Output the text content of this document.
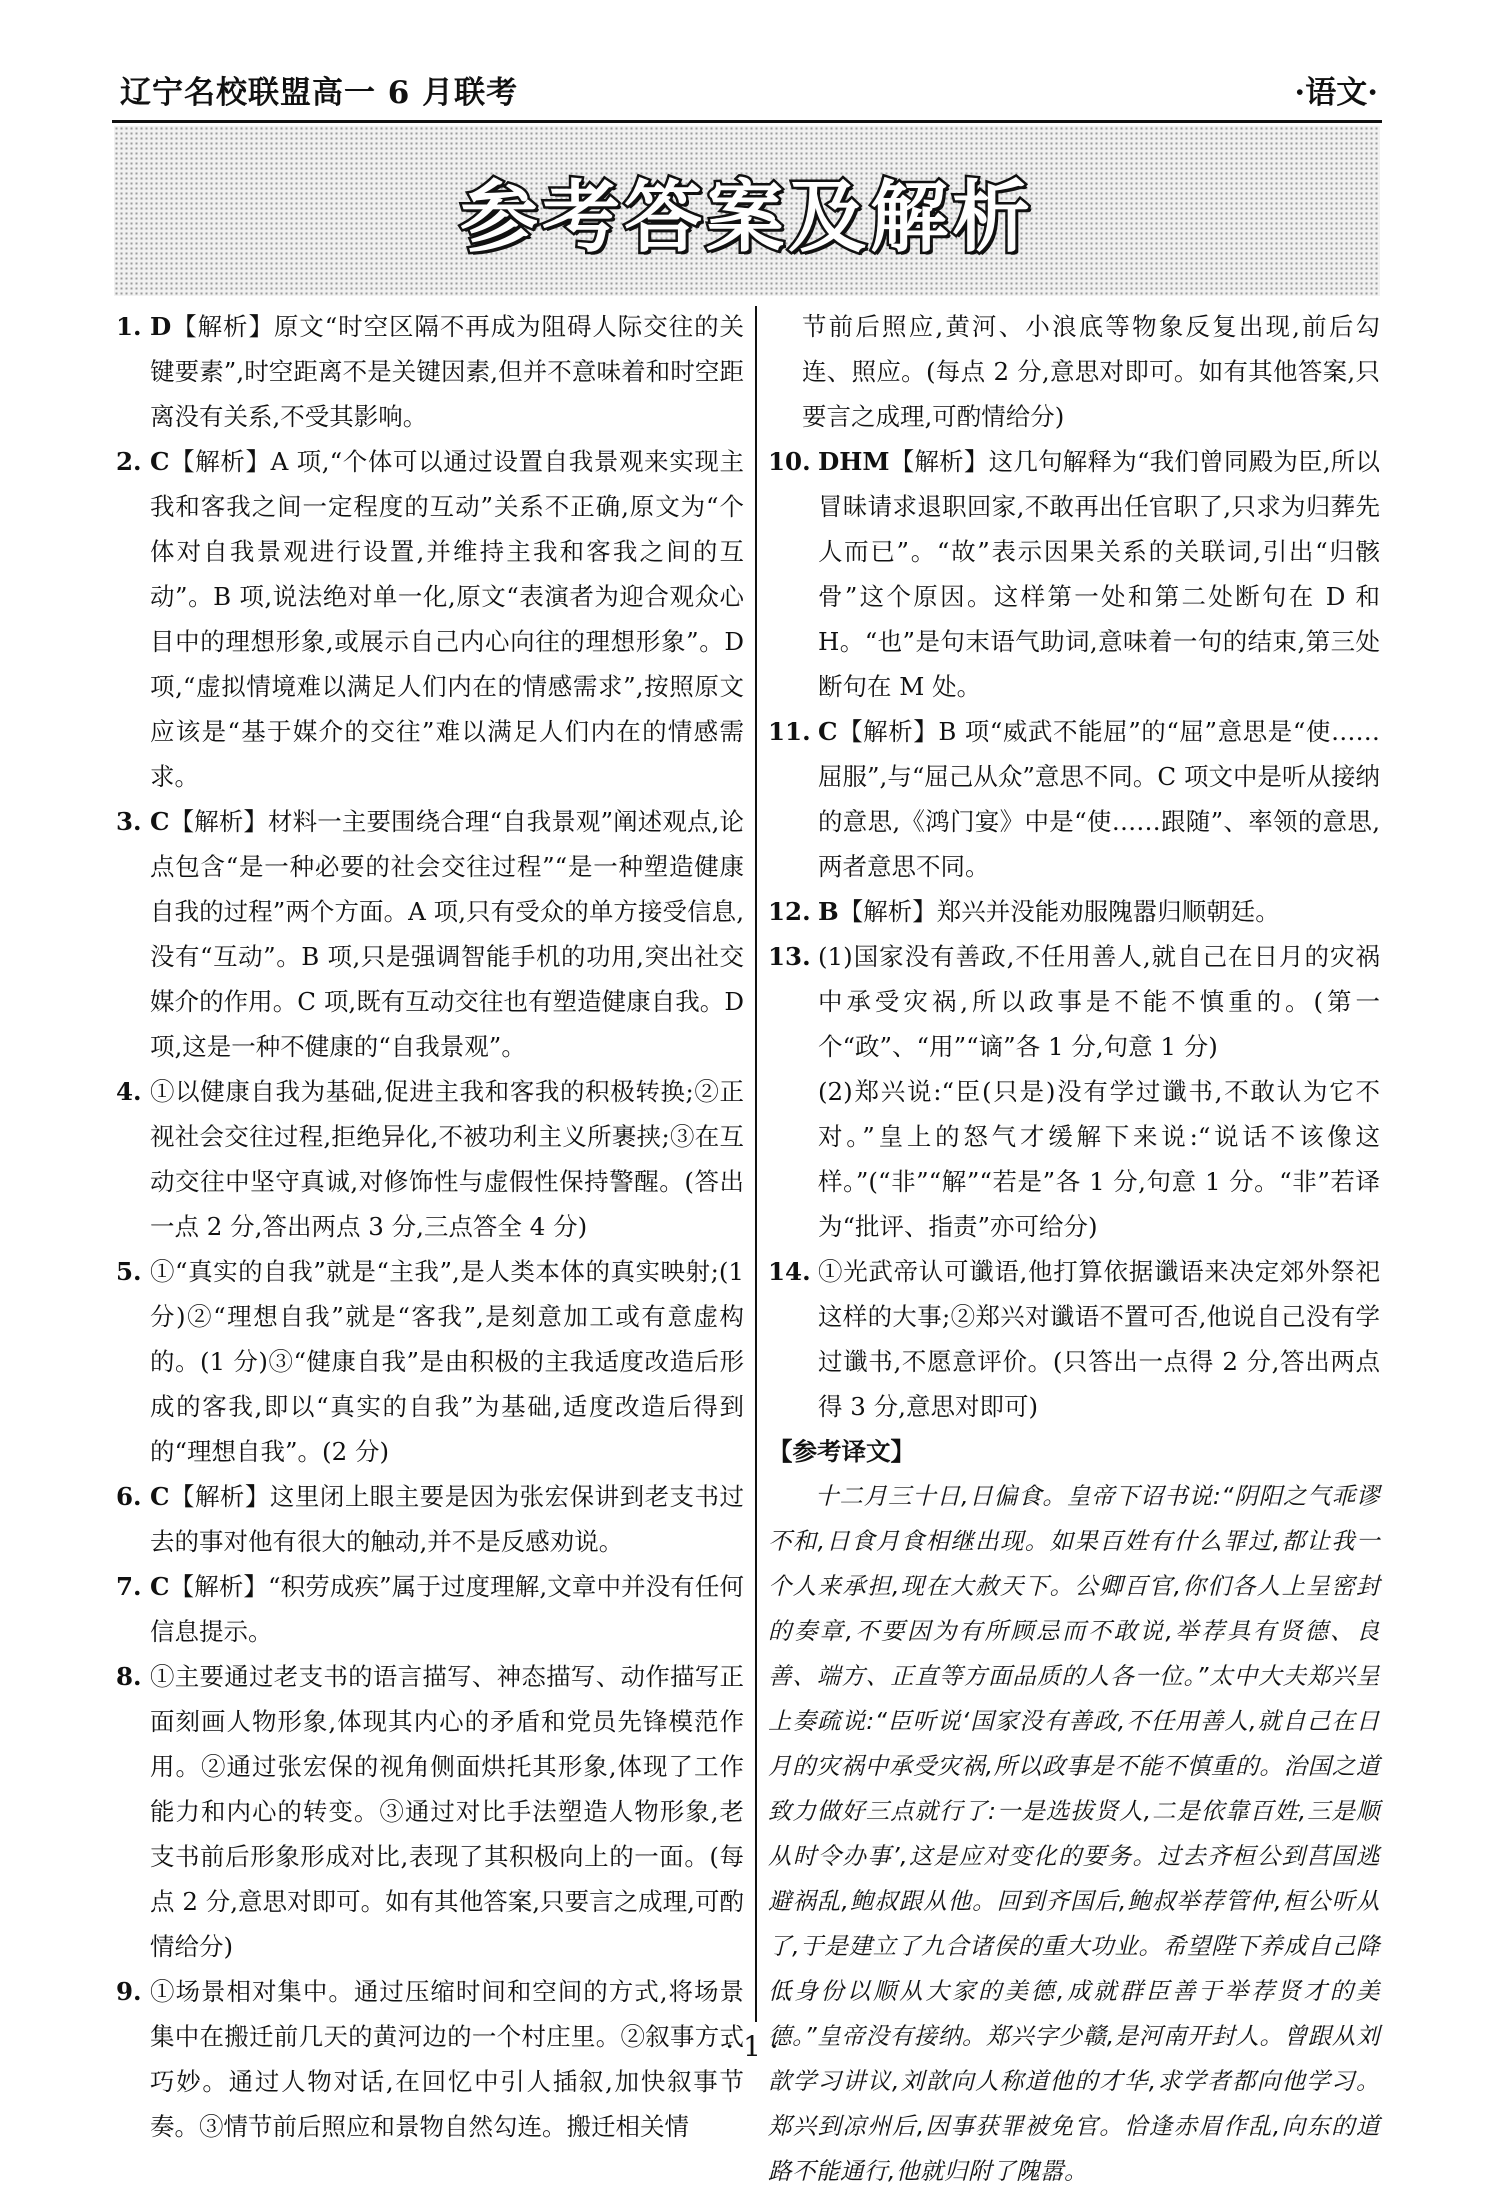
辽宁名校联盟高一 6 月联考	·语文·
参考答案及解析
1. D【解析】原文“时空区隔不再成为阻碍人际交往的关键要素”,时空距离不是关键因素,但并不意味着和时空距离没有关系,不受其影响。
2. C【解析】A 项,“个体可以通过设置自我景观来实现主我和客我之间一定程度的互动”关系不正确,原文为“个体对自我景观进行设置,并维持主我和客我之间的互动”。B 项,说法绝对单一化,原文“表演者为迎合观众心目中的理想形象,或展示自己内心向往的理想形象”。D 项,“虚拟情境难以满足人们内在的情感需求”,按照原文应该是“基于媒介的交往”难以满足人们内在的情感需求。
3. C【解析】材料一主要围绕合理“自我景观”阐述观点,论点包含“是一种必要的社会交往过程”“是一种塑造健康自我的过程”两个方面。A 项,只有受众的单方接受信息,没有“互动”。B 项,只是强调智能手机的功用,突出社交媒介的作用。C 项,既有互动交往也有塑造健康自我。D 项,这是一种不健康的“自我景观”。
4. ①以健康自我为基础,促进主我和客我的积极转换;②正视社会交往过程,拒绝异化,不被功利主义所裹挟;③在互动交往中坚守真诚,对修饰性与虚假性保持警醒。(答出一点 2 分,答出两点 3 分,三点答全 4 分)
5. ①“真实的自我”就是“主我”,是人类本体的真实映射;(1 分)②“理想自我”就是“客我”,是刻意加工或有意虚构的。(1 分)③“健康自我”是由积极的主我适度改造后形成的客我,即以“真实的自我”为基础,适度改造后得到的“理想自我”。(2 分)
6. C【解析】这里闭上眼主要是因为张宏保讲到老支书过去的事对他有很大的触动,并不是反感劝说。
7. C【解析】“积劳成疾”属于过度理解,文章中并没有任何信息提示。
8. ①主要通过老支书的语言描写、神态描写、动作描写正面刻画人物形象,体现其内心的矛盾和党员先锋模范作用。②通过张宏保的视角侧面烘托其形象,体现了工作能力和内心的转变。③通过对比手法塑造人物形象,老支书前后形象形成对比,表现了其积极向上的一面。(每点 2 分,意思对即可。如有其他答案,只要言之成理,可酌情给分)
9. ①场景相对集中。通过压缩时间和空间的方式,将场景集中在搬迁前几天的黄河边的一个村庄里。②叙事方式巧妙。通过人物对话,在回忆中引人插叙,加快叙事节奏。③情节前后照应和景物自然勾连。搬迁相关情

节前后照应,黄河、小浪底等物象反复出现,前后勾连、照应。(每点 2 分,意思对即可。如有其他答案,只要言之成理,可酌情给分)

10. DHM【解析】这几句解释为“我们曾同殿为臣,所以冒昧请求退职回家,不敢再出任官职了,只求为归葬先人而已”。“故”表示因果关系的关联词,引出“归骸骨”这个原因。这样第一处和第二处断句在 D 和 H。“也”是句末语气助词,意味着一句的结束,第三处断句在 M 处。
11. C【解析】B 项“威武不能屈”的“屈”意思是“使……屈服”,与“屈己从众”意思不同。C 项文中是听从接纳的意思,《鸿门宴》中是“使……跟随”、率领的意思,两者意思不同。
12. B【解析】郑兴并没能劝服隗嚣归顺朝廷。
13. (1)国家没有善政,不任用善人,就自己在日月的灾祸中承受灾祸,所以政事是不能不慎重的。(第一个“政”、“用”“谪”各 1 分,句意 1 分)

(2)郑兴说:“臣(只是)没有学过谶书,不敢认为它不对。”皇上的怒气才缓解下来说:“说话不该像这样。”(“非”“解”“若是”各 1 分,句意 1 分。“非”若译为“批评、指责”亦可给分)

14. ①光武帝认可谶语,他打算依据谶语来决定郊外祭祀这样的大事;②郑兴对谶语不置可否,他说自己没有学过谶书,不愿意评价。(只答出一点得 2 分,答出两点得 3 分,意思对即可)

【参考译文】

十二月三十日,日偏食。皇帝下诏书说:“阴阳之气乖谬不和,日食月食相继出现。如果百姓有什么罪过,都让我一个人来承担,现在大赦天下。公卿百官,你们各人上呈密封的奏章,不要因为有所顾忌而不敢说,举荐具有贤德、良善、端方、正直等方面品质的人各一位。”太中大夫郑兴呈上奏疏说:“臣听说‘国家没有善政,不任用善人,就自己在日月的灾祸中承受灾祸,所以政事是不能不慎重的。治国之道致力做好三点就行了:一是选拔贤人,二是依靠百姓,三是顺从时令办事’,这是应对变化的要务。过去齐桓公到莒国逃避祸乱,鲍叔跟从他。回到齐国后,鲍叔举荐管仲,桓公听从了,于是建立了九合诸侯的重大功业。希望陛下养成自己降低身份以顺从大家的美德,成就群臣善于举荐贤才的美德。”皇帝没有接纳。郑兴字少赣,是河南开封人。曾跟从刘歆学习讲议,刘歆向人称道他的才华,求学者都向他学习。郑兴到凉州后,因事获罪被免官。恰逢赤眉作乱,向东的道路不能通行,他就归附了隗嚣。

· 1 ·
